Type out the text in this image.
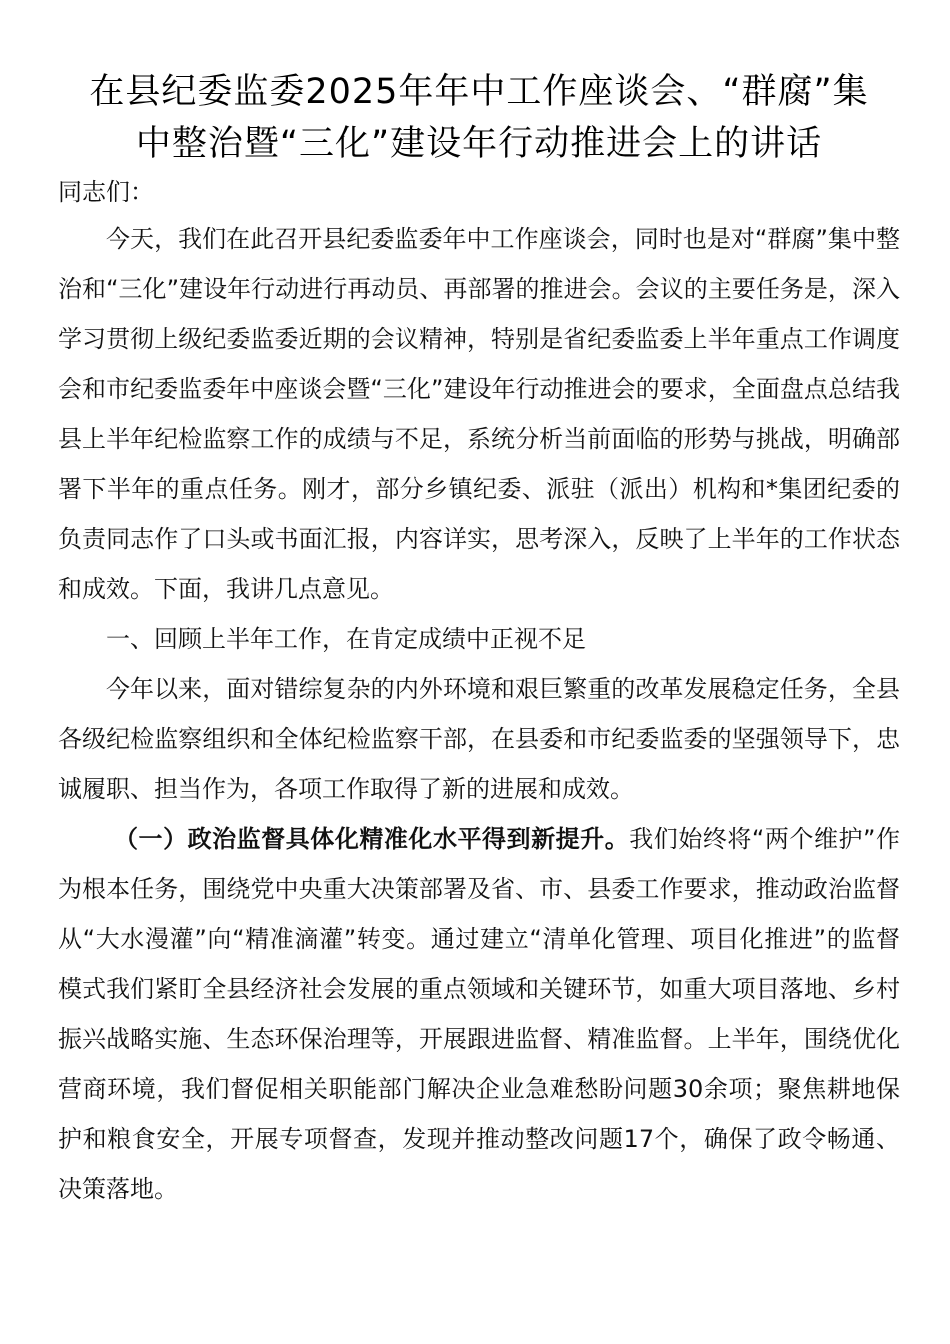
在县纪委监委2025年年中工作座谈会、“群腐”集
中整治暨“三化”建设年行动推进会上的讲话

同志们：

今天，我们在此召开县纪委监委年中工作座谈会，同时也是对“群腐”集中整治和“三化”建设年行动进行再动员、再部署的推进会。会议的主要任务是，深入学习贯彻上级纪委监委近期的会议精神，特别是省纪委监委上半年重点工作调度会和市纪委监委年中座谈会暨“三化”建设年行动推进会的要求，全面盘点总结我县上半年纪检监察工作的成绩与不足，系统分析当前面临的形势与挑战，明确部署下半年的重点任务。刚才，部分乡镇纪委、派驻（派出）机构和*集团纪委的负责同志作了口头或书面汇报，内容详实，思考深入，反映了上半年的工作状态和成效。下面，我讲几点意见。

一、回顾上半年工作，在肯定成绩中正视不足

今年以来，面对错综复杂的内外环境和艰巨繁重的改革发展稳定任务，全县各级纪检监察组织和全体纪检监察干部，在县委和市纪委监委的坚强领导下，忠诚履职、担当作为，各项工作取得了新的进展和成效。

（一）政治监督具体化精准化水平得到新提升。我们始终将“两个维护”作为根本任务，围绕党中央重大决策部署及省、市、县委工作要求，推动政治监督从“大水漫灌”向“精准滴灌”转变。通过建立“清单化管理、项目化推进”的监督模式我们紧盯全县经济社会发展的重点领域和关键环节，如重大项目落地、乡村振兴战略实施、生态环保治理等，开展跟进监督、精准监督。上半年，围绕优化营商环境，我们督促相关职能部门解决企业急难愁盼问题30余项；聚焦耕地保护和粮食安全，开展专项督查，发现并推动整改问题17个，确保了政令畅通、决策落地。
